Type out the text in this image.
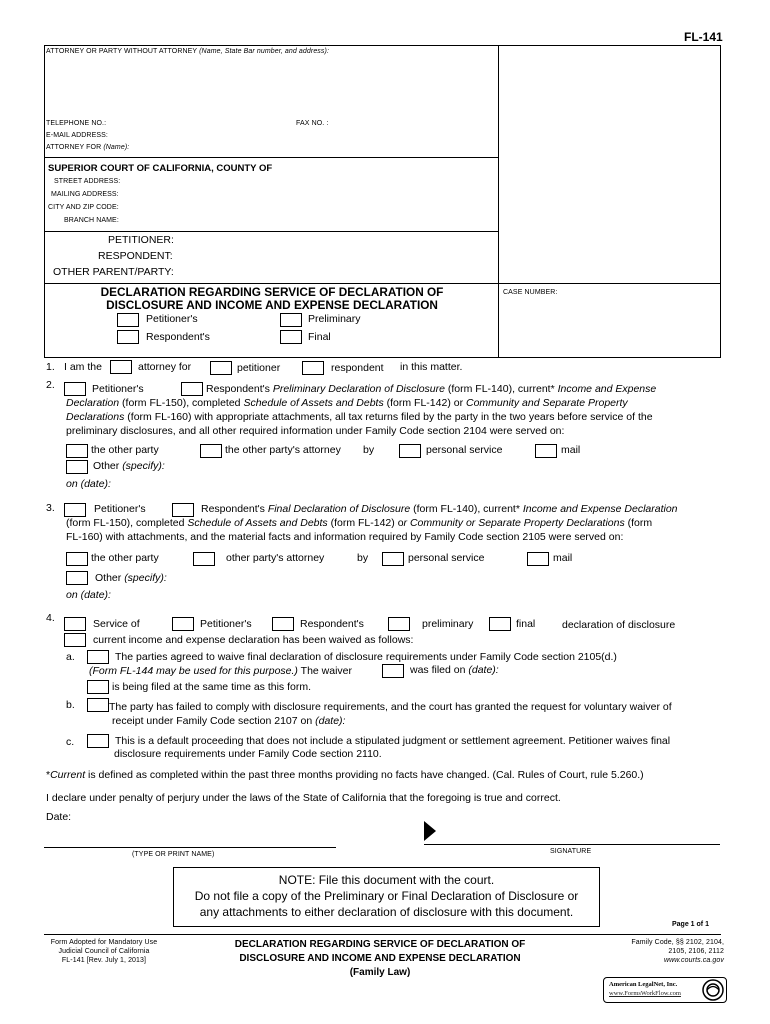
FL-141
ATTORNEY OR PARTY WITHOUT ATTORNEY (Name, State Bar number, and address):
TELEPHONE NO.:	FAX NO. :
E-MAIL ADDRESS:
ATTORNEY FOR (Name):
SUPERIOR COURT OF CALIFORNIA, COUNTY OF
STREET ADDRESS:
MAILING ADDRESS:
CITY AND ZIP CODE:
BRANCH NAME:
PETITIONER:
RESPONDENT:
OTHER PARENT/PARTY:
DECLARATION REGARDING SERVICE OF DECLARATION OF
DISCLOSURE AND INCOME AND EXPENSE DECLARATION
Petitioner's
Respondent's
Preliminary
Final
CASE NUMBER:
1. I am the	attorney for	petitioner	respondent in this matter.
2.	Petitioner's	Respondent's Preliminary Declaration of Disclosure (form FL-140), current* Income and Expense
Declaration (form FL-150), completed Schedule of Assets and Debts (form FL-142) or Community and Separate Property
Declarations (form FL-160) with appropriate attachments, all tax returns filed by the party in the two years before service of the
preliminary disclosures, and all other required information under Family Code section 2104 were served on:
the other party	the other party's attorney by	personal service	mail
Other (specify):
on (date):
3.	Petitioner's	Respondent's Final Declaration of Disclosure (form FL-140), current* Income and Expense Declaration
(form FL-150), completed Schedule of Assets and Debts (form FL-142) or Community or Separate Property Declarations (form
FL-160) with attachments, and the material facts and information required by Family Code section 2105 were served on:
the other party	other party's attorney	by	personal service	mail
Other (specify):
on (date):
4.	Service of	Petitioner's	Respondent's	preliminary	final	declaration of disclosure
current income and expense declaration has been waived as follows:
a.	The parties agreed to waive final declaration of disclosure requirements under Family Code section 2105(d.)
(Form FL-144 may be used for this purpose.) The waiver	was filed on (date):
is being filed at the same time as this form.
b.	The party has failed to comply with disclosure requirements, and the court has granted the request for voluntary waiver of
receipt under Family Code section 2107 on (date):
c.	This is a default proceeding that does not include a stipulated judgment or settlement agreement. Petitioner waives final
disclosure requirements under Family Code section 2110.
*Current is defined as completed within the past three months providing no facts have changed. (Cal. Rules of Court, rule 5.260.)
I declare under penalty of perjury under the laws of the State of California that the foregoing is true and correct.
Date:
(TYPE OR PRINT NAME)	SIGNATURE
NOTE: File this document with the court.
Do not file a copy of the Preliminary or Final Declaration of Disclosure or
any attachments to either declaration of disclosure with this document.
Page 1 of 1
Form Adopted for Mandatory Use
Judicial Council of California
FL-141 [Rev. July 1, 2013]
DECLARATION REGARDING SERVICE OF DECLARATION OF
DISCLOSURE AND INCOME AND EXPENSE DECLARATION
(Family Law)
Family Code, §§ 2102, 2104,
2105, 2106, 2112
www.courts.ca.gov
American LegalNet, Inc.
www.FormsWorkFlow.com
